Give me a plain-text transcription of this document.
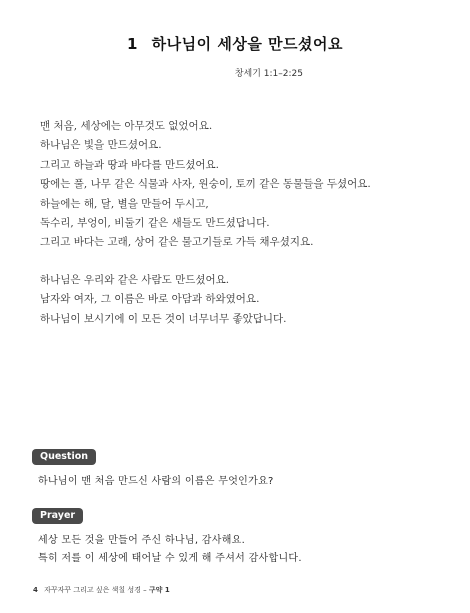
1 하나님이 세상을 만드셨어요
창세기 1:1–2:25
맨 처음, 세상에는 아무것도 없었어요.
하나님은 빛을 만드셨어요.
그리고 하늘과 땅과 바다를 만드셨어요.
땅에는 풀, 나무 같은 식물과 사자, 원숭이, 토끼 같은 동물들을 두셨어요.
하늘에는 해, 달, 별을 만들어 두시고,
독수리, 부엉이, 비둘기 같은 새들도 만드셨답니다.
그리고 바다는 고래, 상어 같은 물고기들로 가득 채우셨지요.
하나님은 우리와 같은 사람도 만드셨어요.
남자와 여자, 그 이름은 바로 아담과 하와였어요.
하나님이 보시기에 이 모든 것이 너무너무 좋았답니다.
Question
하나님이 맨 처음 만드신 사람의 이름은 무엇인가요?
Prayer
세상 모든 것을 만들어 주신 하나님, 감사해요.
특히 저를 이 세상에 태어날 수 있게 해 주셔서 감사합니다.
4 자꾸자꾸 그리고 싶은 색칠 성경 – 구약 1
